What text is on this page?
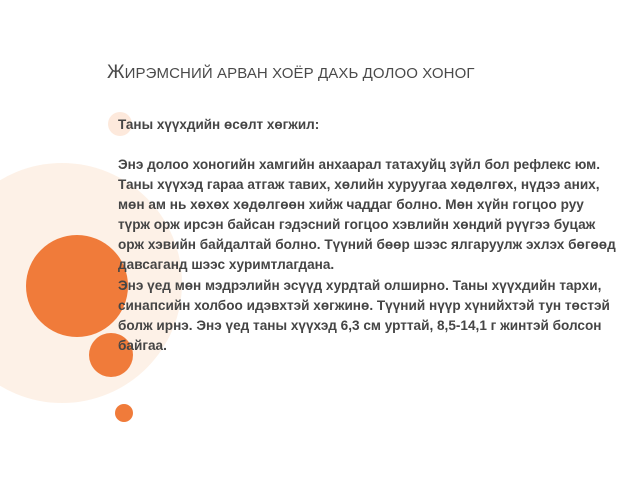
ЖИРЭМСНИЙ АРВАН ХОЁР ДАХЬ ДОЛОО ХОНОГ

Таны хүүхдийн өсөлт хөгжил:

Энэ долоо хоногийн хамгийн анхаарал татахуйц зүйл бол рефлекс юм. Таны хүүхэд гараа атгаж тавих, хөлийн хуруугаа хөдөлгөх, нүдээ аних, мөн ам нь хөхөх хөдөлгөөн хийж чаддаг болно. Мөн хүйн гогцоо руу түрж орж ирсэн байсан гэдэсний гогцоо хэвлийн хөндий рүүгээ буцаж орж хэвийн байдалтай болно. Түүний бөөр шээс ялгаруулж эхлэх бөгөөд давсаганд шээс хуримтлагдана.

Энэ үед мөн мэдрэлийн эсүүд хурдтай олширно. Таны хүүхдийн тархи, синапсийн холбоо идэвхтэй хөгжинө. Түүний нүүр хүнийхтэй тун төстэй болж ирнэ. Энэ үед таны хүүхэд 6,3 см урттай, 8,5-14,1 г жинтэй болсон байгаа.
